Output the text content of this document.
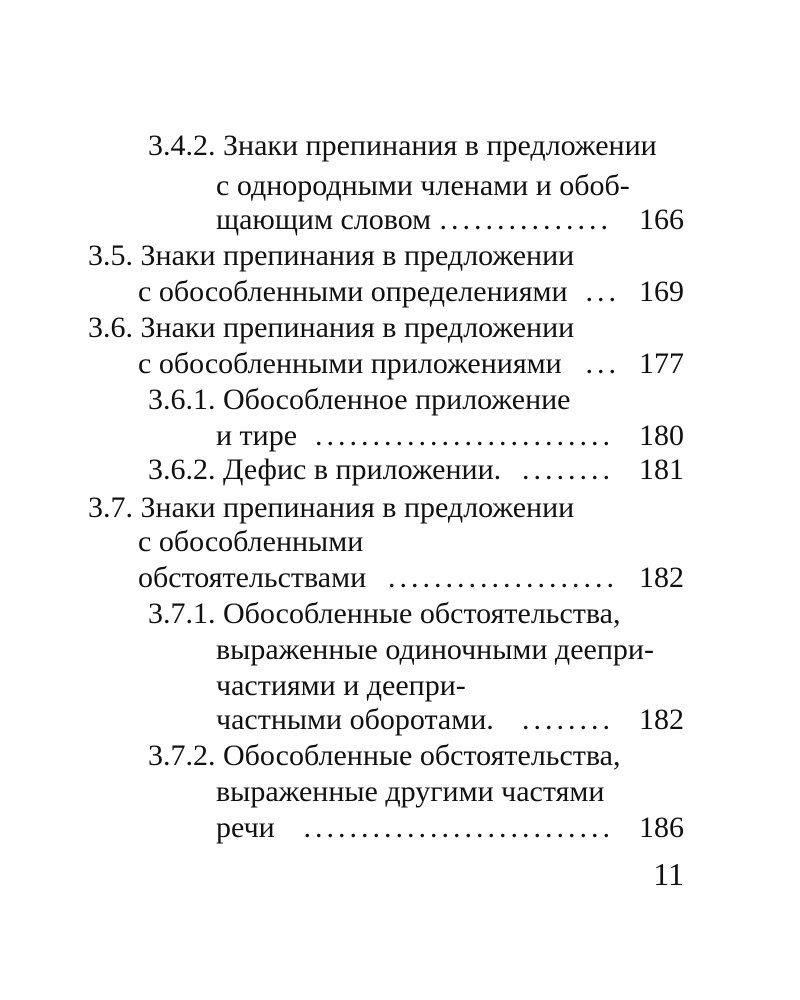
3.4.2. Знаки препинания в предложении
с однородными членами и обоб-
щающим словом ............... 166
3.5. Знаки препинания в предложении
с обособленными определениями ... 169
3.6. Знаки препинания в предложении
с обособленными приложениями ... 177
3.6.1. Обособленное приложение
и тире .......................... 180
3.6.2. Дефис в приложении. ........ 181
3.7. Знаки препинания в предложении
с обособленными
обстоятельствами .................... 182
3.7.1. Обособленные обстоятельства,
выраженные одиночными деепри-
частиями и деепри-
частными оборотами. ........ 182
3.7.2. Обособленные обстоятельства,
выраженные другими частями
речи ........................... 186
11
